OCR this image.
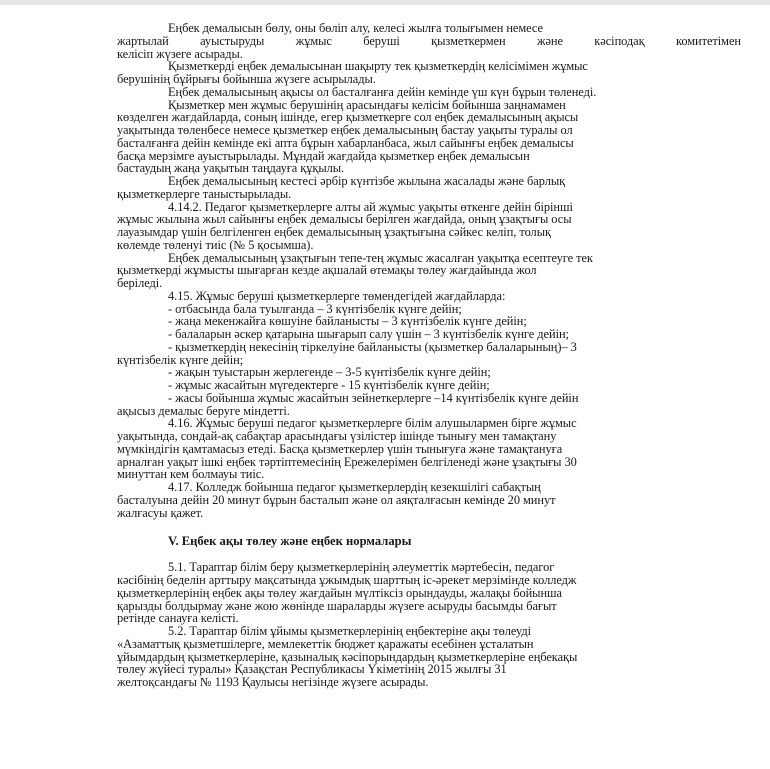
Еңбек демалысын бөлу, оны бөліп алу, келесі жылға толығымен немесе
жартылай ауыстыруды жұмыс беруші қызметкермен және кәсіподақ комитетімен
келісіп жүзеге асырады.
Қызметкерді еңбек демалысынан шақырту тек қызметкердің келісімімен жұмыс
берушінің бұйрығы бойынша жүзеге асырылады.
Еңбек демалысының ақысы ол басталғанға дейін кемінде үш күн бұрын төленеді.
Қызметкер мен жұмыс берушінің арасындағы келісім бойынша заңнамамен
көзделген жағдайларда, соның ішінде, егер қызметкерге сол еңбек демалысының ақысы
уақытында төленбесе немесе қызметкер еңбек демалысының бастау уақыты туралы ол
басталғанға дейін кемінде екі апта бұрын хабарланбаса, жыл сайынғы еңбек демалысы
басқа мерзімге ауыстырылады. Мұндай жағдайда қызметкер еңбек демалысын
бастаудың жаңа уақытын таңдауға құқылы.
Еңбек демалысының кестесі әрбір күнтізбе жылына жасалады және барлық
қызметкерлерге таныстырылады.
4.14.2. Педагог қызметкерлерге алты ай жұмыс уақыты өткенге дейін бірінші
жұмыс жылына жыл сайынғы еңбек демалысы берілген жағдайда, оның ұзақтығы осы
лауазымдар үшін белгіленген еңбек демалысының ұзақтығына сәйкес келіп, толық
көлемде төленуі тиіс (№ 5 қосымша).
Еңбек демалысының ұзақтығын тепе-тең жұмыс жасалған уақытқа есептеуге тек
қызметкерді жұмысты шығарған кезде ақшалай өтемақы төлеу жағдайында жол
беріледі.
4.15. Жұмыс беруші қызметкерлерге төмендегідей жағдайларда:
- отбасында бала туылғанда – 3 күнтізбелік күнге дейін;
- жаңа мекенжайға көшуіне байланысты – 3 күнтізбелік күнге дейін;
- балаларын әскер қатарына шығарып салу үшін – 3 күнтізбелік күнге дейін;
- қызметкердің некесінің тіркелуіне байланысты (қызметкер балаларының)– 3
күнтізбелік күнге дейін;
- жақын туыстарын жерлегенде – 3-5 күнтізбелік күнге дейін;
- жұмыс жасайтын мүгедектерге - 15 күнтізбелік күнге дейін;
- жасы бойынша жұмыс жасайтын зейнеткерлерге –14 күнтізбелік күнге дейін
ақысыз демалыс беруге міндетті.
4.16. Жұмыс беруші педагог қызметкерлерге білім алушылармен бірге жұмыс
уақытында, сондай-ақ сабақтар арасындағы үзілістер ішінде тынығу мен тамақтану
мүмкіндігін қамтамасыз етеді. Басқа қызметкерлер үшін тынығуға және тамақтануға
арналған уақыт ішкі еңбек тәртіптемесінің Ережелерімен белгіленеді және ұзақтығы 30
минуттан кем болмауы тиіс.
4.17. Колледж бойынша педагог қызметкерлердің кезекшілігі сабақтың
басталуына дейін 20 минут бұрын басталып және ол аяқталғасын кемінде 20 минут
жалғасуы қажет.
V. Еңбек ақы төлеу және еңбек нормалары
5.1. Тараптар білім беру қызметкерлерінің әлеуметтік мәртебесін, педагог
кәсібінің беделін арттыру мақсатында ұжымдық шарттың іс-әрекет мерзімінде колледж
қызметкерлерінің еңбек ақы төлеу жағдайын мүлтіксіз орындауды, жалақы бойынша
қарызды болдырмау және жою жөнінде шараларды жүзеге асыруды басымды бағыт
ретінде санауға келісті.
5.2. Тараптар білім ұйымы қызметкерлерінің еңбектеріне ақы төлеуді
«Азаматтық қызметшілерге, мемлекеттік бюджет қаражаты есебінен ұсталатын
ұйымдардың қызметкерлеріне, қазыналық кәсіпорындардың қызметкерлеріне еңбекақы
төлеу жүйесі туралы» Қазақстан Республикасы Үкіметінің 2015 жылғы 31
желтоқсандағы № 1193 Қаулысы негізінде жүзеге асырады.
